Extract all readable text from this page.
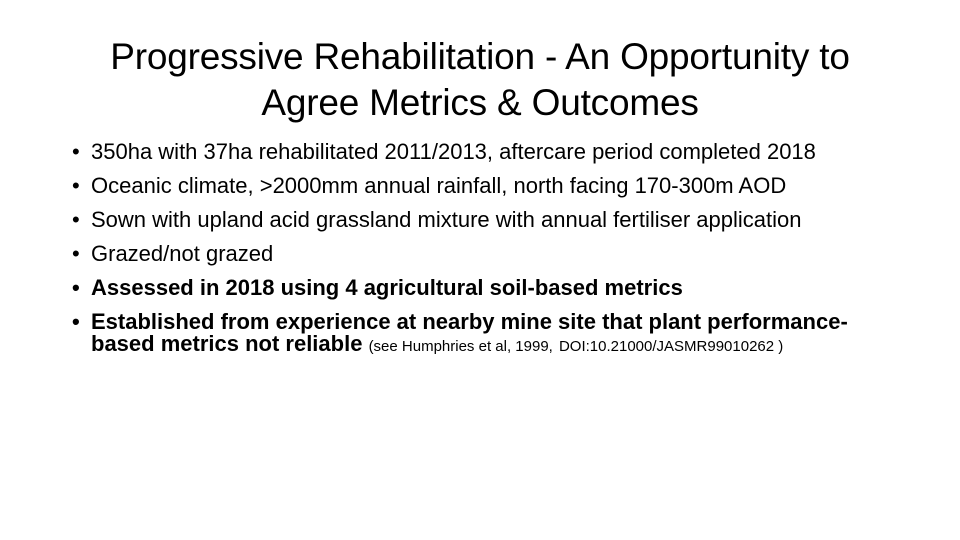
Progressive Rehabilitation - An Opportunity to
Agree Metrics & Outcomes
• 350ha with 37ha rehabilitated 2011/2013, aftercare period completed 2018
• Oceanic climate, >2000mm annual rainfall, north facing 170-300m AOD
• Sown with upland acid grassland mixture with annual fertiliser application
• Grazed/not grazed
• Assessed in 2018 using 4 agricultural soil-based metrics
• Established from experience at nearby mine site that plant performance-based metrics not reliable (see Humphries et al, 1999, DOI:10.21000/JASMR99010262 )
